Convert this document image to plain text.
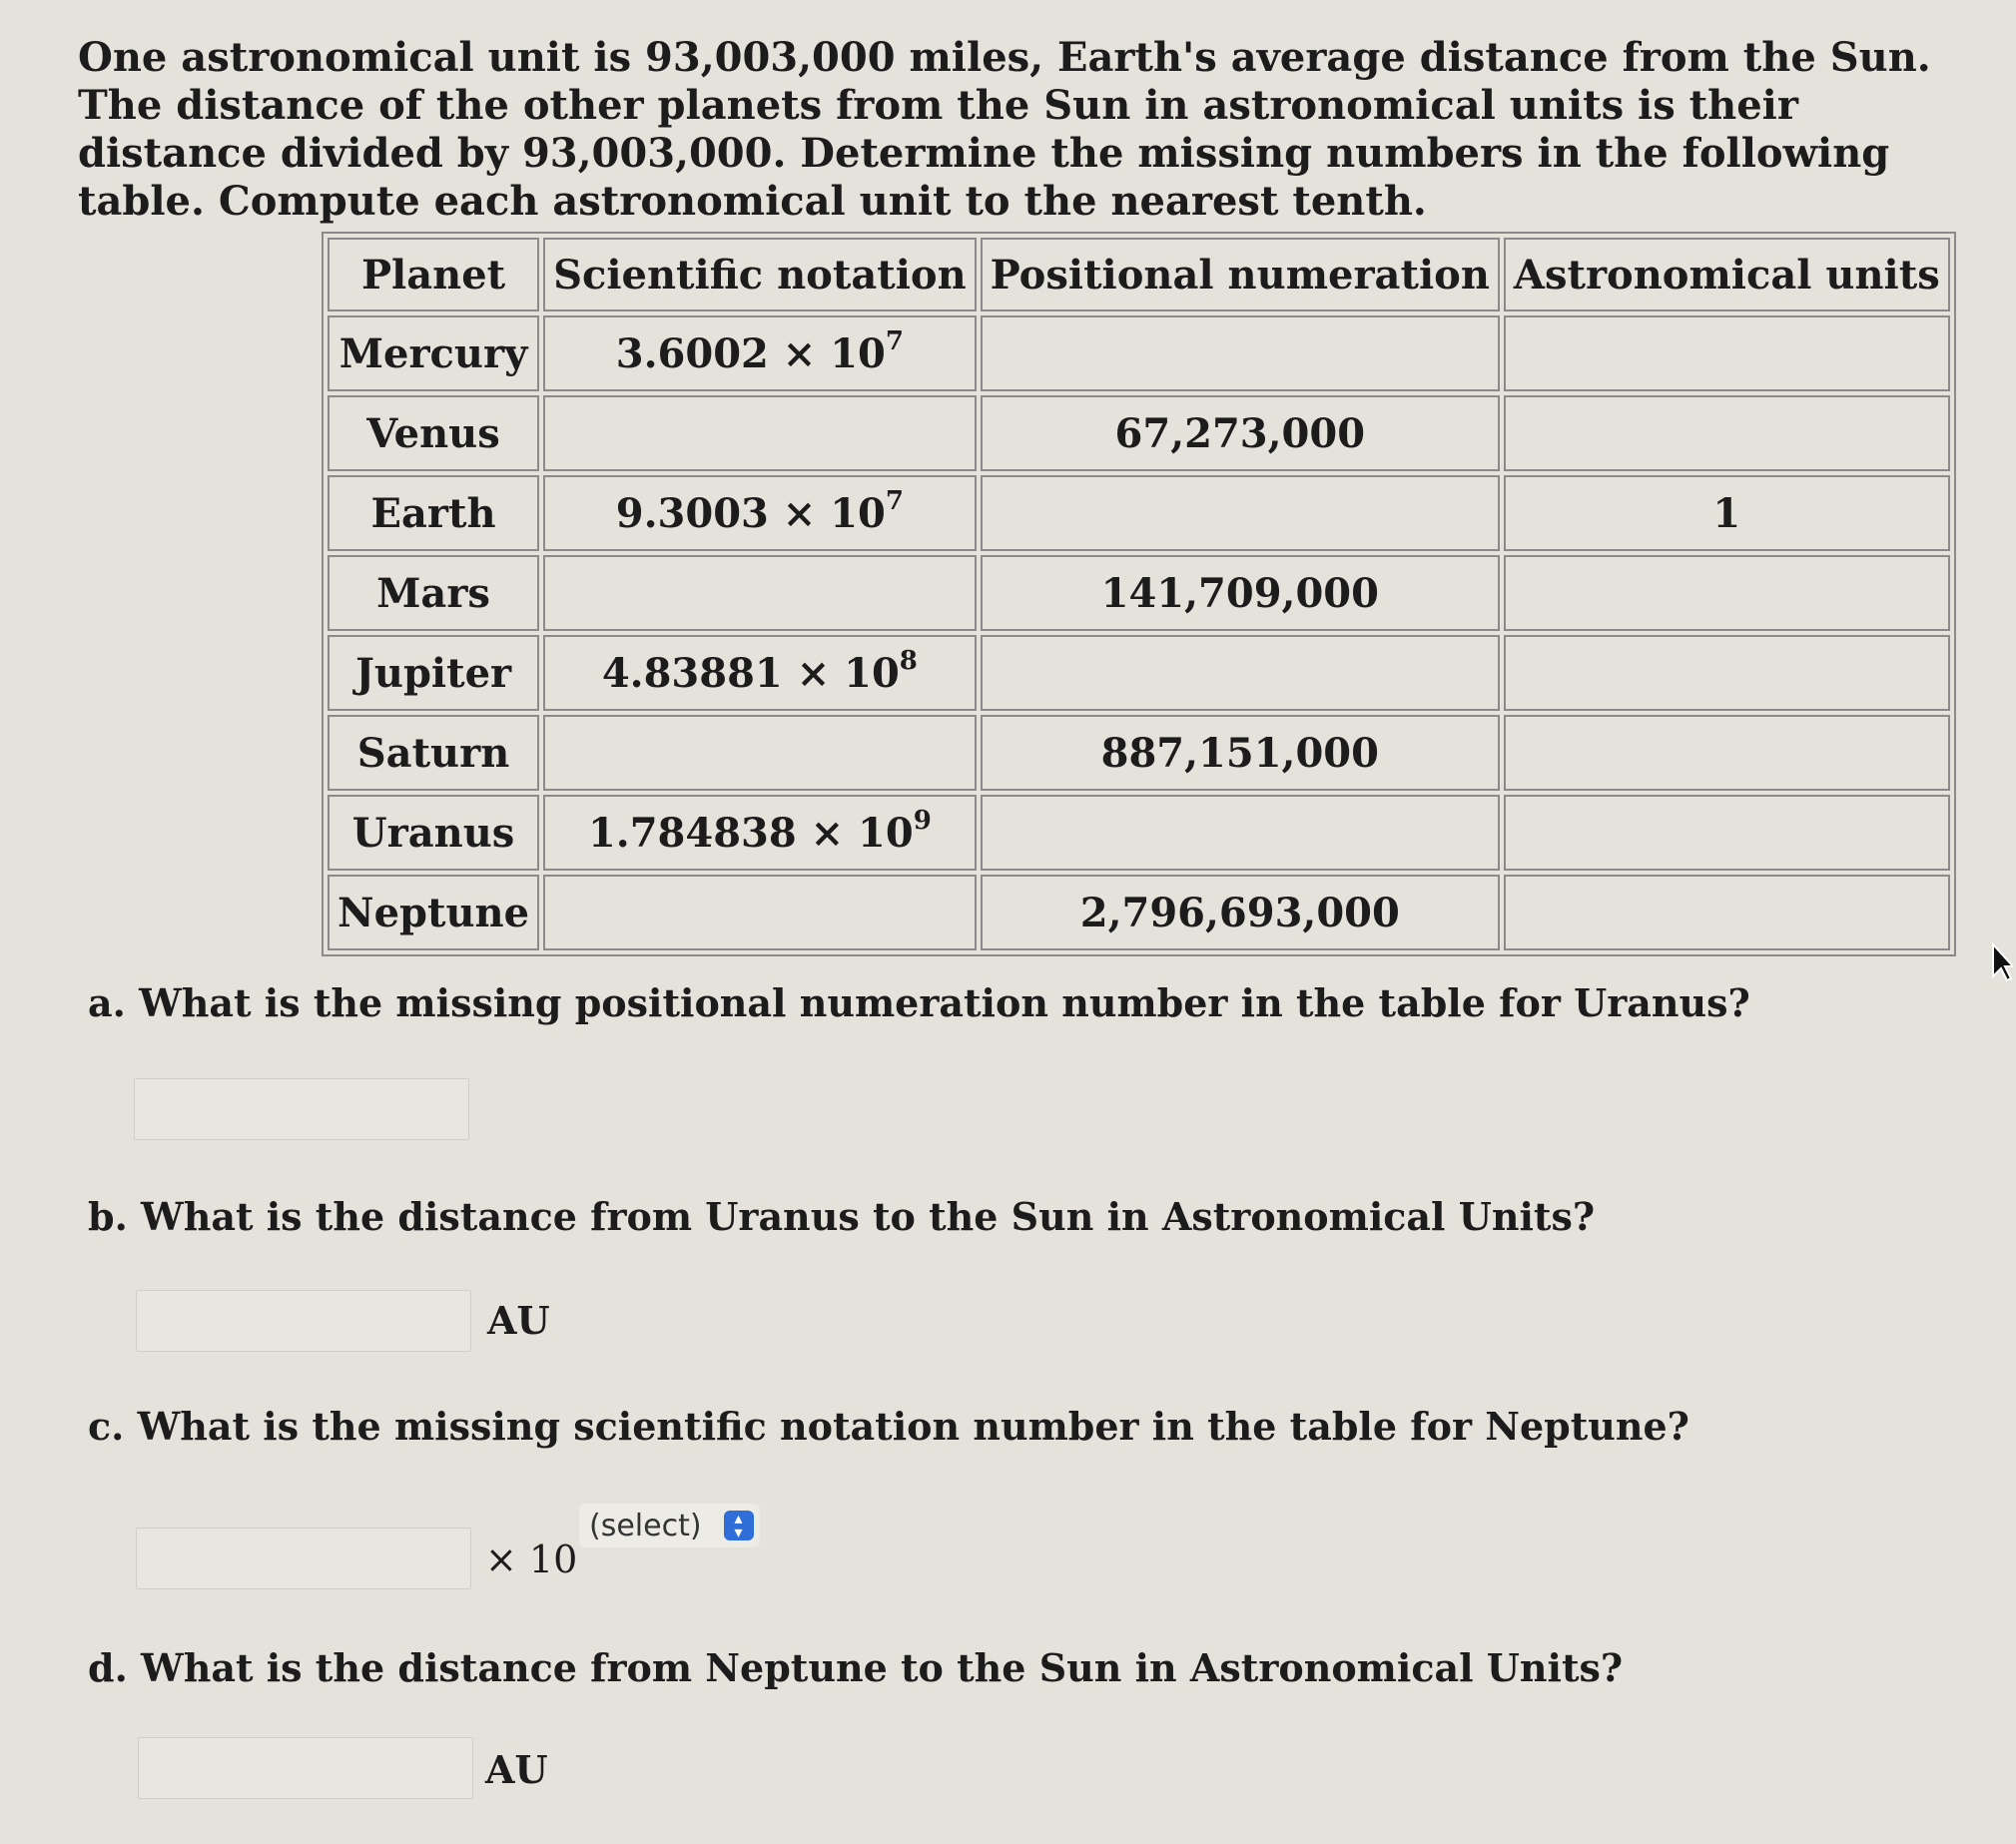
One astronomical unit is 93,003,000 miles, Earth's average distance from the Sun. The distance of the other planets from the Sun in astronomical units is their distance divided by 93,003,000. Determine the missing numbers in the following table. Compute each astronomical unit to the nearest tenth.
Planet	Scientific notation	Positional numeration	Astronomical units
Mercury	$3.6002 \times 10^7$		
Venus		67,273,000	
Earth	$9.3003 \times 10^7$		1
Mars		141,709,000	
Jupiter	$4.83881 \times 10^8$		
Saturn		887,151,000	
Uranus	$1.784838 \times 10^9$		
Neptune		2,796,693,000	
a. What is the missing positional numeration number in the table for Uranus?
b. What is the distance from Uranus to the Sun in Astronomical Units?
AU
c. What is the missing scientific notation number in the table for Neptune?
× 10
(select) ▴
▾
d. What is the distance from Neptune to the Sun in Astronomical Units?
AU
